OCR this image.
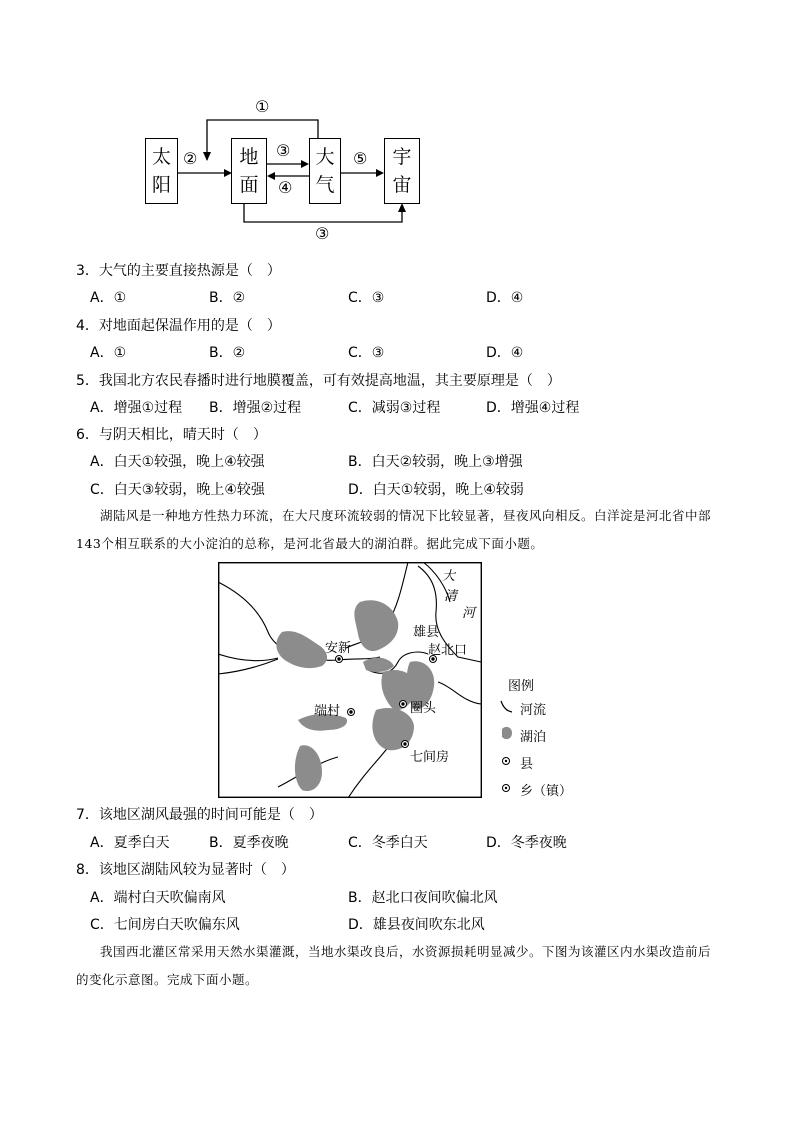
太阳
地面
大气
宇宙
①
②	③
④
⑤
③
3．大气的主要直接热源是（　）
A．①	B．②	C．③	D．④
4．对地面起保温作用的是（　）
A．①	B．②	C．③	D．④
5．我国北方农民春播时进行地膜覆盖，可有效提高地温，其主要原理是（　）
A．增强①过程 B．增强②过程	C．减弱③过程	D．增强④过程
6．与阴天相比，晴天时（　）
A．白天①较强，晚上④较强	B．白天②较弱，晚上③增强
C．白天③较弱，晚上④较强	D．白天①较弱，晚上④较弱
湖陆风是一种地方性热力环流，在大尺度环流较弱的情况下比较显著，昼夜风向相反。白洋淀是河北省中部143个相互联系的大小淀泊的总称，是河北省最大的湖泊群。据此完成下面小题。
安新
雄县
赵北口
端村	圈头
七间房
大
清
河
图例
河流
湖泊
县
乡（镇）
7．该地区湖风最强的时间可能是（　）
A．夏季白天	B．夏季夜晚	C．冬季白天	D．冬季夜晚
8．该地区湖陆风较为显著时（　）
A．端村白天吹偏南风	B．赵北口夜间吹偏北风
C．七间房白天吹偏东风	D．雄县夜间吹东北风
我国西北灌区常采用天然水渠灌溉，当地水渠改良后，水资源损耗明显减少。下图为该灌区内水渠改造前后的变化示意图。完成下面小题。
